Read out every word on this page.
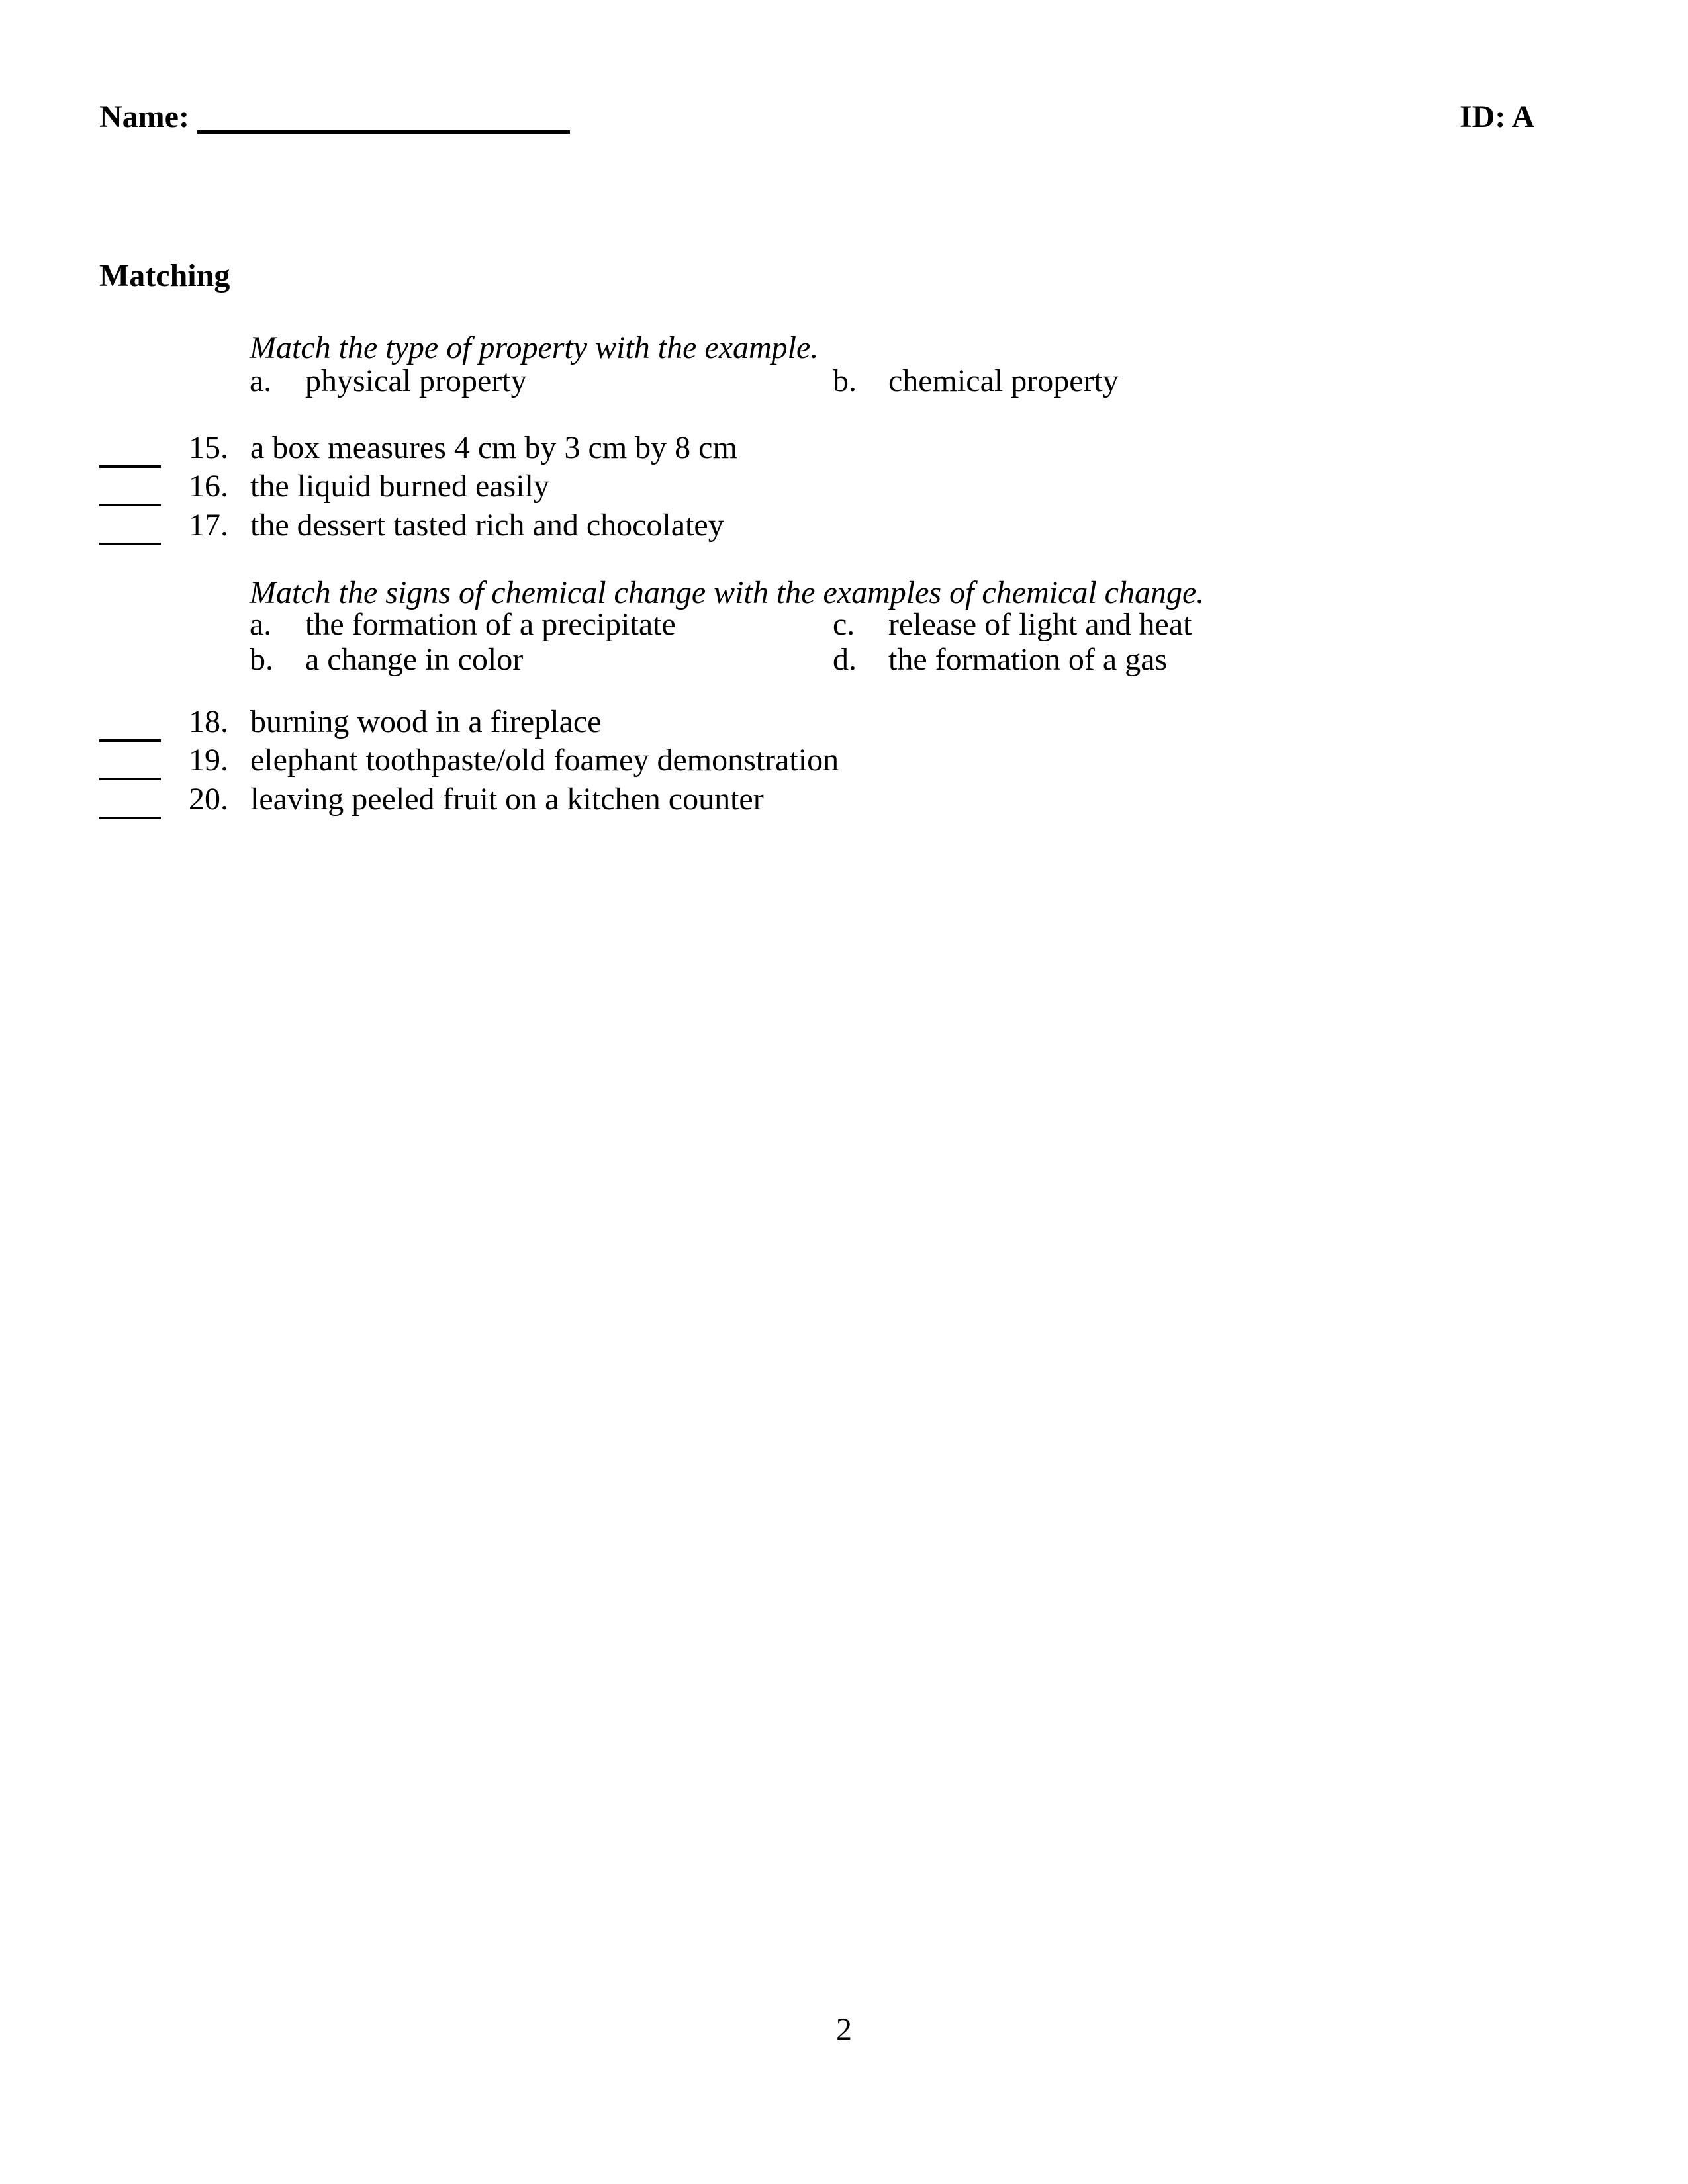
Name:	ID: A
Matching
Match the type of property with the example.
a.	physical property	b.	chemical property
15. a box measures 4 cm by 3 cm by 8 cm
16. the liquid burned easily
17. the dessert tasted rich and chocolatey
Match the signs of chemical change with the examples of chemical change.
a.	the formation of a precipitate	c.	release of light and heat
b.	a change in color	d.	the formation of a gas
18. burning wood in a fireplace
19. elephant toothpaste/old foamey demonstration
20. leaving peeled fruit on a kitchen counter
2
